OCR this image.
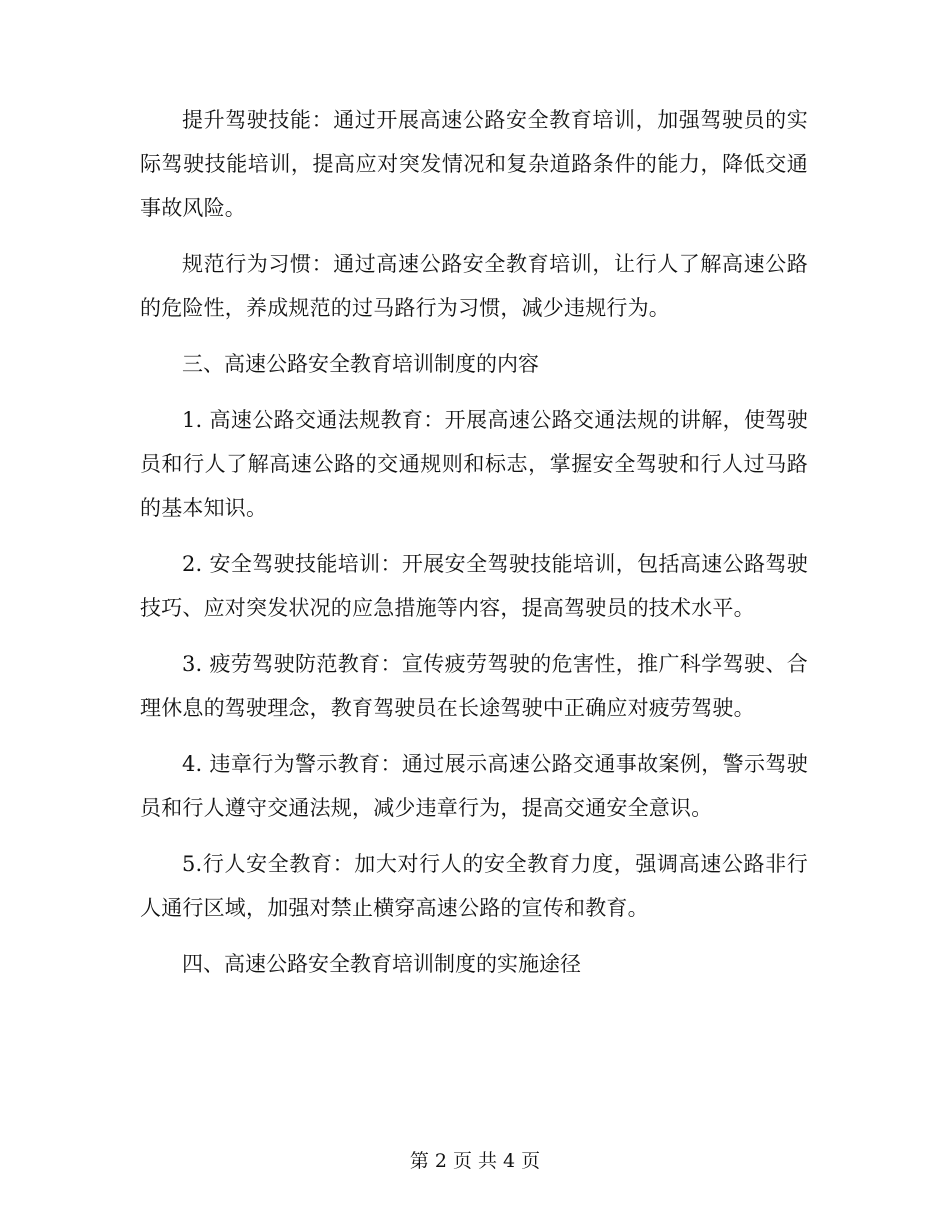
提升驾驶技能：通过开展高速公路安全教育培训，加强驾驶员的实际驾驶技能培训，提高应对突发情况和复杂道路条件的能力，降低交通事故风险。

规范行为习惯：通过高速公路安全教育培训，让行人了解高速公路的危险性，养成规范的过马路行为习惯，减少违规行为。

三、高速公路安全教育培训制度的内容

1. 高速公路交通法规教育：开展高速公路交通法规的讲解，使驾驶员和行人了解高速公路的交通规则和标志，掌握安全驾驶和行人过马路的基本知识。

2. 安全驾驶技能培训：开展安全驾驶技能培训，包括高速公路驾驶技巧、应对突发状况的应急措施等内容，提高驾驶员的技术水平。

3. 疲劳驾驶防范教育：宣传疲劳驾驶的危害性，推广科学驾驶、合理休息的驾驶理念，教育驾驶员在长途驾驶中正确应对疲劳驾驶。

4. 违章行为警示教育：通过展示高速公路交通事故案例，警示驾驶员和行人遵守交通法规，减少违章行为，提高交通安全意识。

5.行人安全教育：加大对行人的安全教育力度，强调高速公路非行人通行区域，加强对禁止横穿高速公路的宣传和教育。

四、高速公路安全教育培训制度的实施途径

第 2 页 共 4 页
